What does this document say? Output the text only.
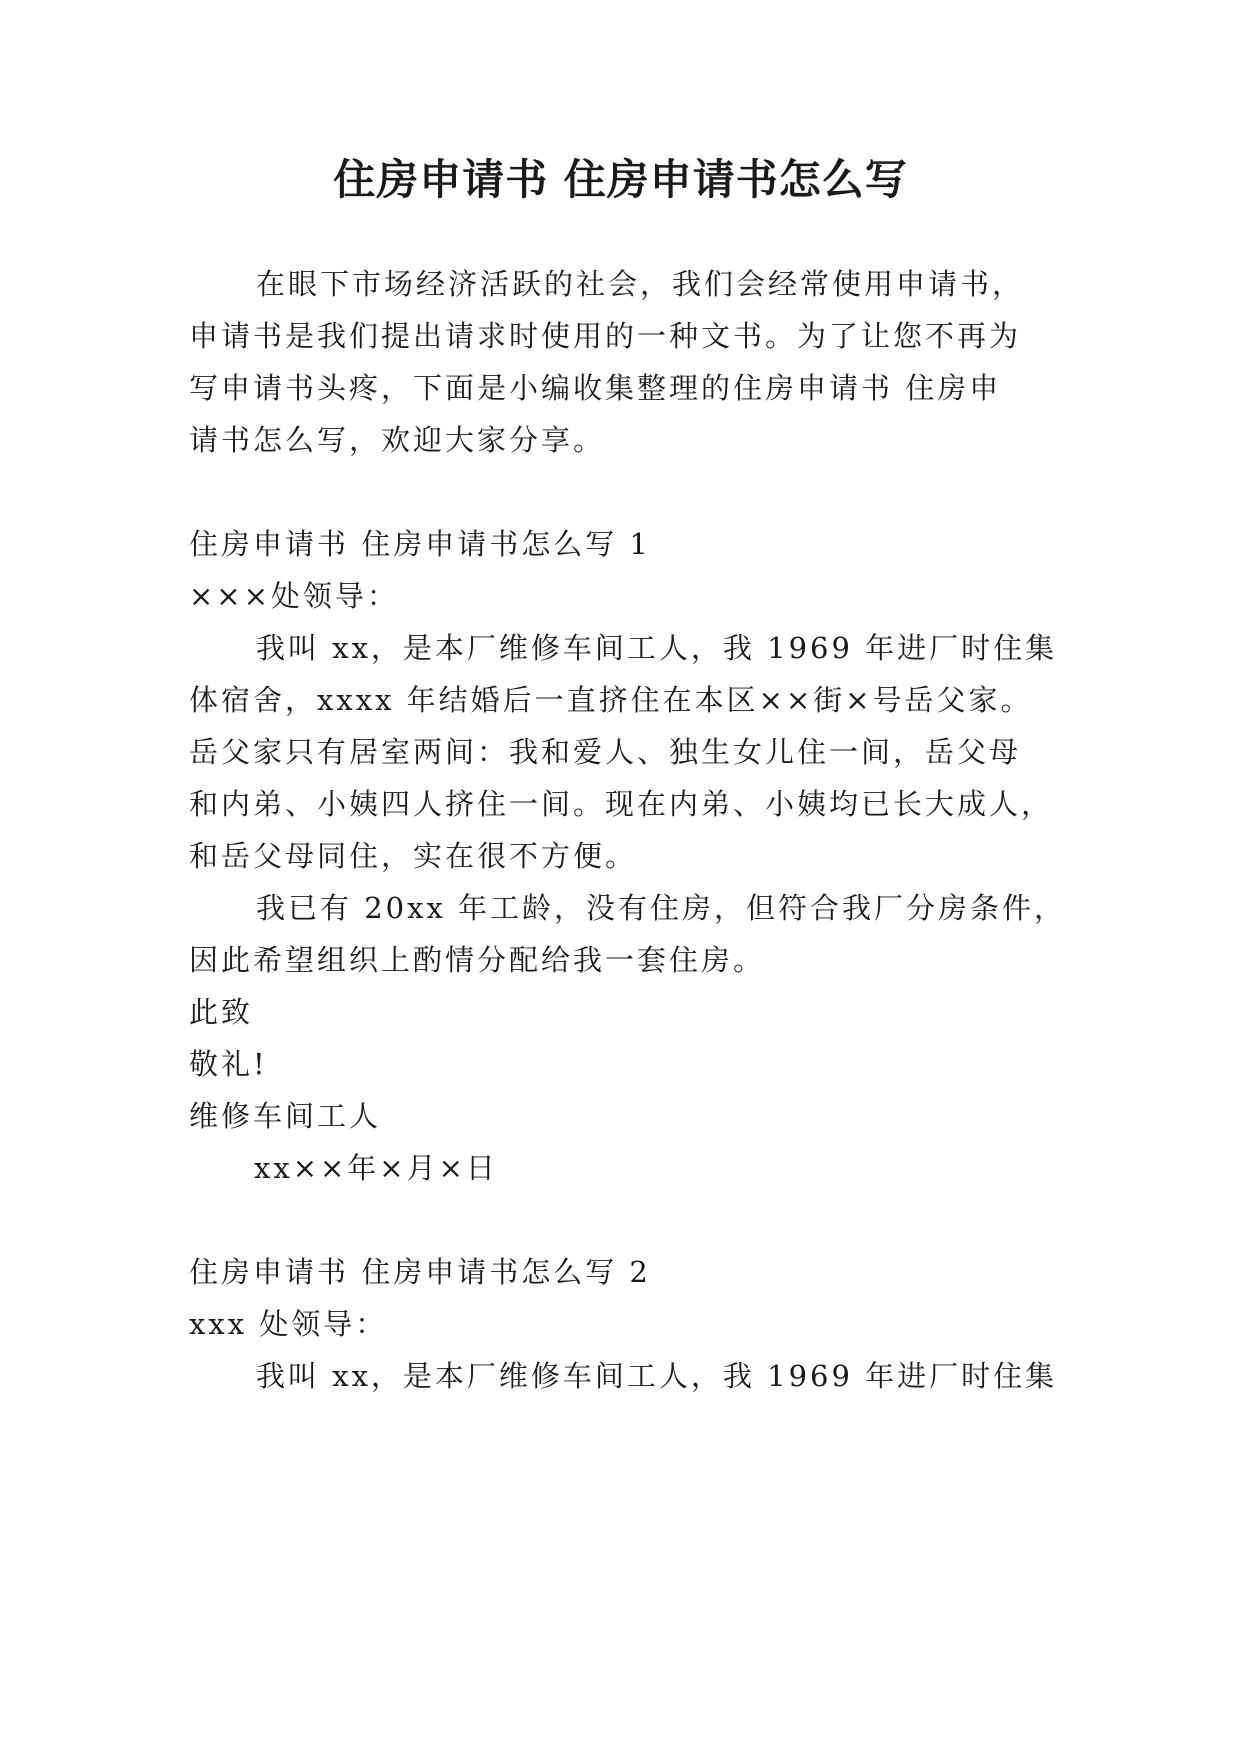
住房申请书 住房申请书怎么写
在眼下市场经济活跃的社会，我们会经常使用申请书，
申请书是我们提出请求时使用的一种文书。为了让您不再为
写申请书头疼，下面是小编收集整理的住房申请书 住房申
请书怎么写，欢迎大家分享。
住房申请书 住房申请书怎么写 1
×××处领导：
我叫 xx，是本厂维修车间工人，我 1969 年进厂时住集
体宿舍，xxxx 年结婚后一直挤住在本区××街×号岳父家。
岳父家只有居室两间：我和爱人、独生女儿住一间，岳父母
和内弟、小姨四人挤住一间。现在内弟、小姨均已长大成人，
和岳父母同住，实在很不方便。
我已有 20xx 年工龄，没有住房，但符合我厂分房条件，
因此希望组织上酌情分配给我一套住房。
此致
敬礼!
维修车间工人
xx××年×月×日
住房申请书 住房申请书怎么写 2
xxx 处领导：
我叫 xx，是本厂维修车间工人，我 1969 年进厂时住集
